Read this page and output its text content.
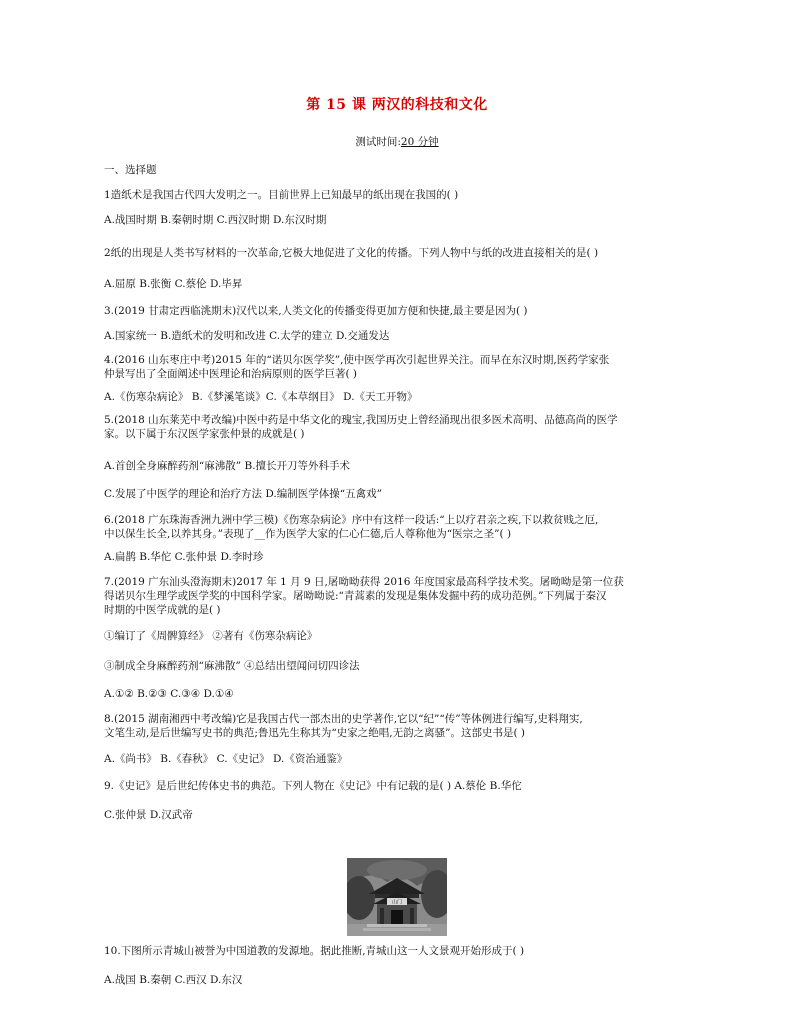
第 15 课 两汉的科技和文化
测试时间:20 分钟
一、选择题
1造纸术是我国古代四大发明之一。目前世界上已知最早的纸出现在我国的( )
A.战国时期 B.秦朝时期 C.西汉时期 D.东汉时期
2纸的出现是人类书写材料的一次革命,它极大地促进了文化的传播。下列人物中与纸的改进直接相关的是( )
A.屈原 B.张衡 C.蔡伦 D.毕昇
3.(2019 甘肃定西临洮期末)汉代以来,人类文化的传播变得更加方便和快捷,最主要是因为( )
A.国家统一 B.造纸术的发明和改进 C.太学的建立 D.交通发达
4.(2016 山东枣庄中考)2015 年的“诺贝尔医学奖”,使中医学再次引起世界关注。而早在东汉时期,医药学家张
仲景写出了全面阐述中医理论和治病原则的医学巨著( )
A.《伤寒杂病论》 B.《梦溪笔谈》C.《本草纲目》 D.《天工开物》
5.(2018 山东莱芜中考改编)中医中药是中华文化的瑰宝,我国历史上曾经涌现出很多医术高明、品德高尚的医学
家。以下属于东汉医学家张仲景的成就是( )
A.首创全身麻醉药剂“麻沸散” B.擅长开刀等外科手术
C.发展了中医学的理论和治疗方法 D.编制医学体操“五禽戏”
6.(2018 广东珠海香洲九洲中学三模)《伤寒杂病论》序中有这样一段话:“上以疗君亲之疾,下以救贫贱之厄,
中以保生长全,以养其身。”表现了__作为医学大家的仁心仁德,后人尊称他为“医宗之圣”( )
A.扁鹊 B.华佗 C.张仲景 D.李时珍
7.(2019 广东汕头澄海期末)2017 年 1 月 9 日,屠呦呦获得 2016 年度国家最高科学技术奖。屠呦呦是第一位获
得诺贝尔生理学或医学奖的中国科学家。屠呦呦说:“青蒿素的发现是集体发掘中药的成功范例。”下列属于秦汉
时期的中医学成就的是( )
①编订了《周髀算经》 ②著有《伤寒杂病论》
③制成全身麻醉药剂“麻沸散” ④总结出望闻问切四诊法
A.①② B.②③ C.③④ D.①④
8.(2015 湖南湘西中考改编)它是我国古代一部杰出的史学著作,它以“纪”“传”等体例进行编写,史料翔实,
文笔生动,是后世编写史书的典范;鲁迅先生称其为“史家之绝唱,无韵之离骚”。这部史书是( )
A.《尚书》 B.《春秋》 C.《史记》 D.《资治通鉴》
9.《史记》是后世纪传体史书的典范。下列人物在《史记》中有记载的是( ) A.蔡伦 B.华佗
C.张仲景 D.汉武帝
山门
10.下图所示青城山被誉为中国道教的发源地。据此推断,青城山这一人文景观开始形成于( )
A.战国 B.秦朝 C.西汉 D.东汉
